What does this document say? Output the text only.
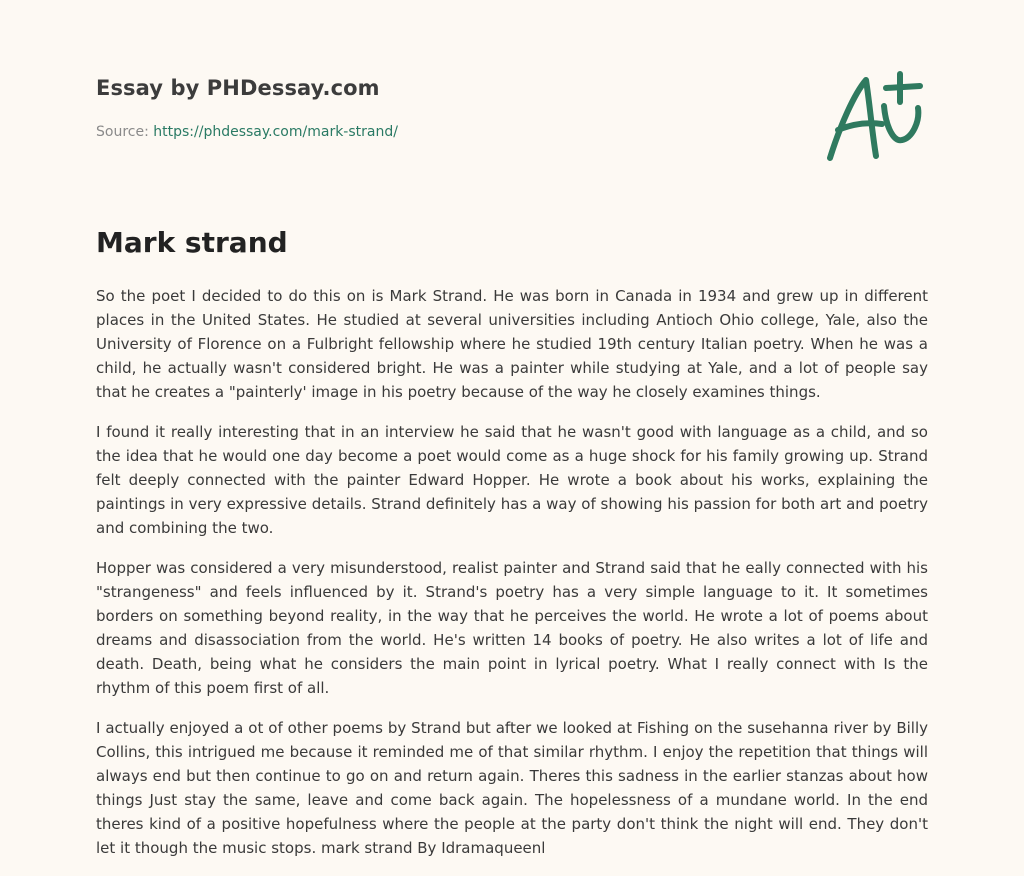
Essay by PHDessay.com
Source: https://phdessay.com/mark-strand/
Mark strand

So the poet I decided to do this on is Mark Strand. He was born in Canada in 1934 and grew up in different places in the United States. He studied at several universities including Antioch Ohio college, Yale, also the University of Florence on a Fulbright fellowship where he studied 19th century Italian poetry. When he was a child, he actually wasn't considered bright. He was a painter while studying at Yale, and a lot of people say that he creates a "painterly' image in his poetry because of the way he closely examines things.

I found it really interesting that in an interview he said that he wasn't good with language as a child, and so the idea that he would one day become a poet would come as a huge shock for his family growing up. Strand felt deeply connected with the painter Edward Hopper. He wrote a book about his works, explaining the paintings in very expressive details. Strand definitely has a way of showing his passion for both art and poetry and combining the two.

Hopper was considered a very misunderstood, realist painter and Strand said that he eally connected with his "strangeness" and feels influenced by it. Strand's poetry has a very simple language to it. It sometimes borders on something beyond reality, in the way that he perceives the world. He wrote a lot of poems about dreams and disassociation from the world. He's written 14 books of poetry. He also writes a lot of life and death. Death, being what he considers the main point in lyrical poetry. What I really connect with Is the rhythm of this poem first of all.

I actually enjoyed a ot of other poems by Strand but after we looked at Fishing on the susehanna river by Billy Collins, this intrigued me because it reminded me of that similar rhythm. I enjoy the repetition that things will always end but then continue to go on and return again. Theres this sadness in the earlier stanzas about how things Just stay the same, leave and come back again. The hopelessness of a mundane world. In the end theres kind of a positive hopefulness where the people at the party don't think the night will end. They don't let it though the music stops. mark strand By Idramaqueenl
